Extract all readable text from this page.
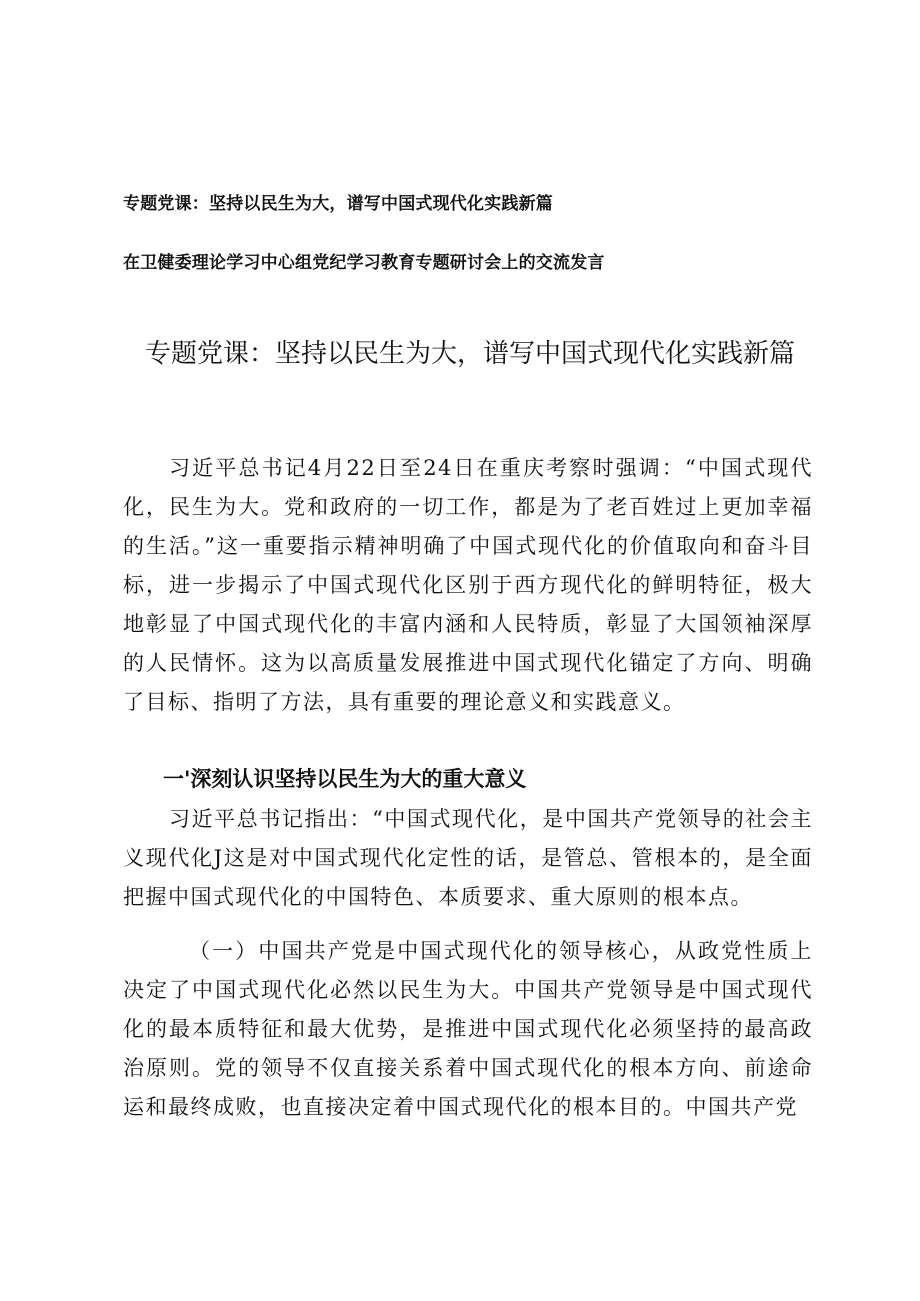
专题党课：坚持以民生为大，谱写中国式现代化实践新篇
在卫健委理论学习中心组党纪学习教育专题研讨会上的交流发言
专题党课：坚持以民生为大，谱写中国式现代化实践新篇

习近平总书记4月22日至24日在重庆考察时强调：“中国式现代化，民生为大。党和政府的一切工作，都是为了老百姓过上更加幸福的生活。”这一重要指示精神明确了中国式现代化的价值取向和奋斗目标，进一步揭示了中国式现代化区别于西方现代化的鲜明特征，极大地彰显了中国式现代化的丰富内涵和人民特质，彰显了大国领袖深厚的人民情怀。这为以高质量发展推进中国式现代化锚定了方向、明确了目标、指明了方法，具有重要的理论意义和实践意义。

一'深刻认识坚持以民生为大的重大意义

习近平总书记指出：“中国式现代化，是中国共产党领导的社会主义现代化J这是对中国式现代化定性的话，是管总、管根本的，是全面把握中国式现代化的中国特色、本质要求、重大原则的根本点。

（一）中国共产党是中国式现代化的领导核心，从政党性质上决定了中国式现代化必然以民生为大。中国共产党领导是中国式现代化的最本质特征和最大优势，是推进中国式现代化必须坚持的最高政治原则。党的领导不仅直接关系着中国式现代化的根本方向、前途命运和最终成败，也直接决定着中国式现代化的根本目的。中国共产党
